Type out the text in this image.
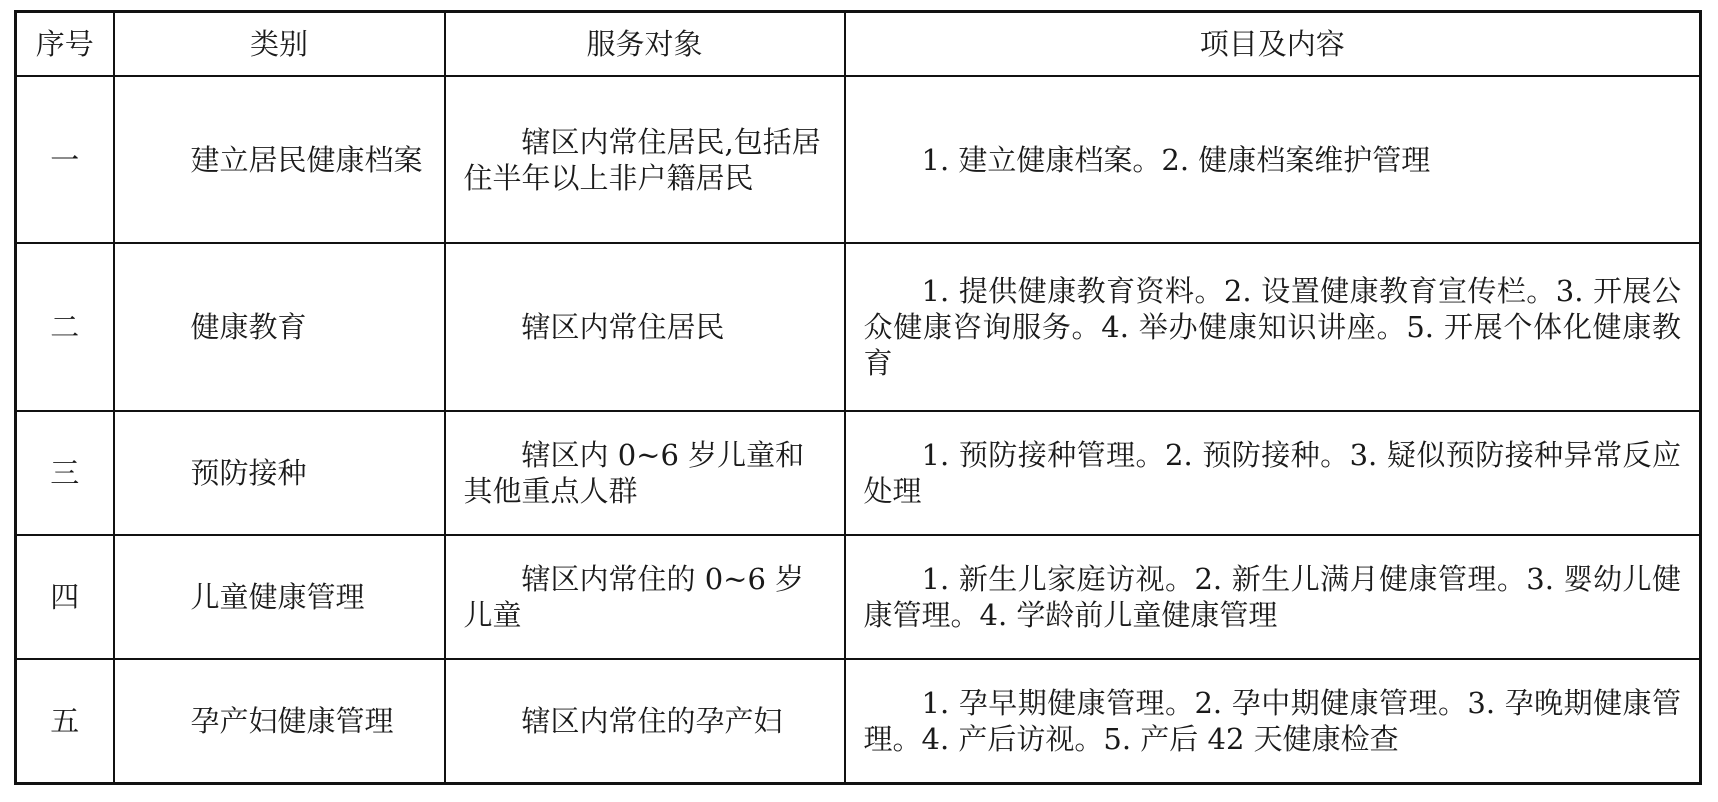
序号	类别	服务对象	项目及内容
一	建立居民健康档案	辖区内常住居民,包括居住半年以上非户籍居民	1. 建立健康档案。2. 健康档案维护管理
二	健康教育	辖区内常住居民	1. 提供健康教育资料。2. 设置健康教育宣传栏。3. 开展公众健康咨询服务。4. 举办健康知识讲座。5. 开展个体化健康教育
三	预防接种	辖区内 0~6 岁儿童和其他重点人群	1. 预防接种管理。2. 预防接种。3. 疑似预防接种异常反应处理
四	儿童健康管理	辖区内常住的 0~6 岁儿童	1. 新生儿家庭访视。2. 新生儿满月健康管理。3. 婴幼儿健康管理。4. 学龄前儿童健康管理
五	孕产妇健康管理	辖区内常住的孕产妇	1. 孕早期健康管理。2. 孕中期健康管理。3. 孕晚期健康管理。4. 产后访视。5. 产后 42 天健康检查
